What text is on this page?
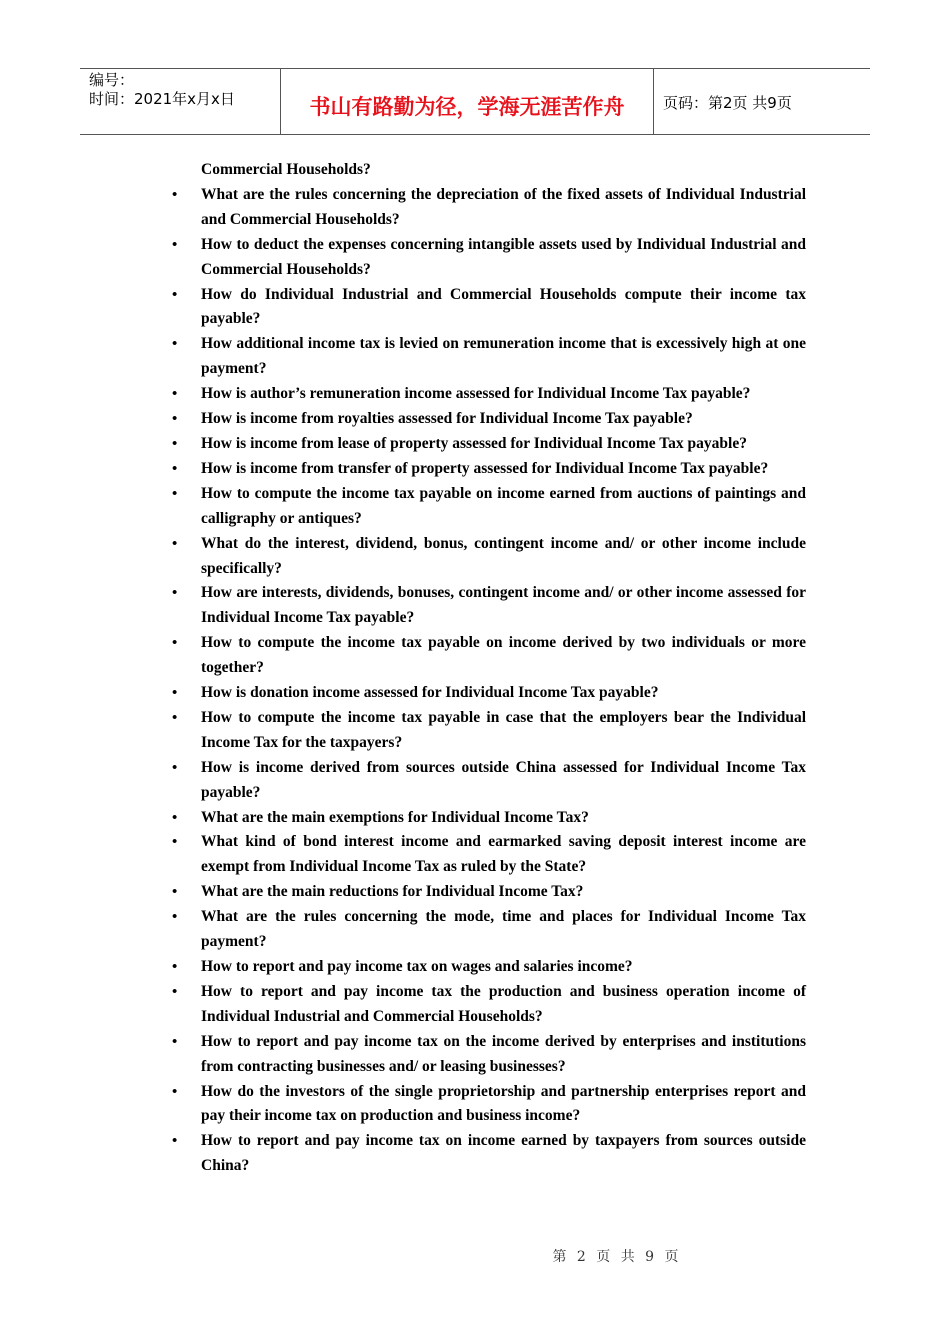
编号：
时间：2021年x月x日	书山有路勤为径，学海无涯苦作舟	页码：第2页 共9页
Commercial Households?
• What are the rules concerning the depreciation of the fixed assets of Individual Industrial and Commercial Households?
• How to deduct the expenses concerning intangible assets used by Individual Industrial and Commercial Households?
• How do Individual Industrial and Commercial Households compute their income tax payable?
• How additional income tax is levied on remuneration income that is excessively high at one payment?
• How is author’s remuneration income assessed for Individual Income Tax payable?
• How is income from royalties assessed for Individual Income Tax payable?
• How is income from lease of property assessed for Individual Income Tax payable?
• How is income from transfer of property assessed for Individual Income Tax payable?
• How to compute the income tax payable on income earned from auctions of paintings and calligraphy or antiques?
• What do the interest, dividend, bonus, contingent income and/ or other income include specifically?
• How are interests, dividends, bonuses, contingent income and/ or other income assessed for Individual Income Tax payable?
• How to compute the income tax payable on income derived by two individuals or more together?
• How is donation income assessed for Individual Income Tax payable?
• How to compute the income tax payable in case that the employers bear the Individual Income Tax for the taxpayers?
• How is income derived from sources outside China assessed for Individual Income Tax payable?
• What are the main exemptions for Individual Income Tax?
• What kind of bond interest income and earmarked saving deposit interest income are exempt from Individual Income Tax as ruled by the State?
• What are the main reductions for Individual Income Tax?
• What are the rules concerning the mode, time and places for Individual Income Tax payment?
• How to report and pay income tax on wages and salaries income?
• How to report and pay income tax the production and business operation income of Individual Industrial and Commercial Households?
• How to report and pay income tax on the income derived by enterprises and institutions from contracting businesses and/ or leasing businesses?
• How do the investors of the single proprietorship and partnership enterprises report and pay their income tax on production and business income?
• How to report and pay income tax on income earned by taxpayers from sources outside China?
第 2 页 共 9 页
